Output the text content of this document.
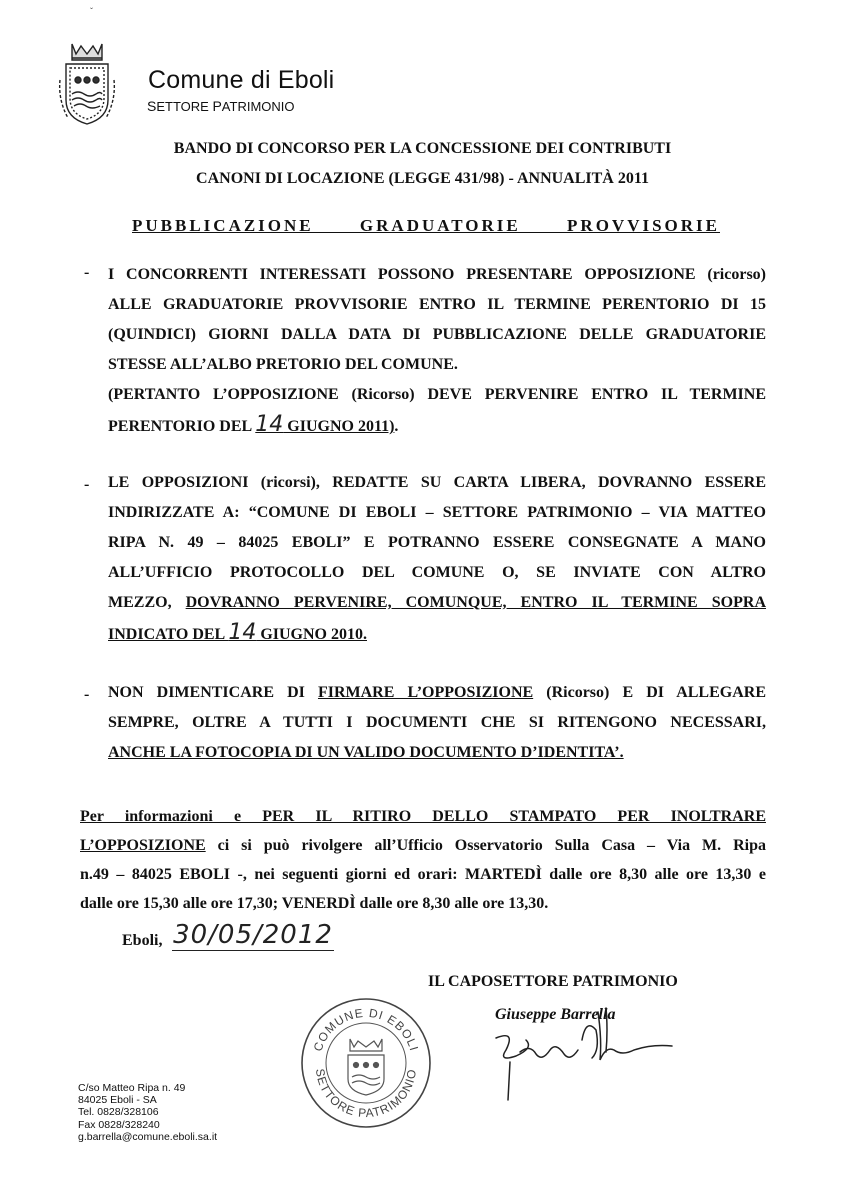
ˇ
Comune di Eboli
SETTORE PATRIMONIO
BANDO DI CONCORSO PER LA CONCESSIONE DEI CONTRIBUTI
CANONI DI LOCAZIONE (LEGGE 431/98) - ANNUALITÀ 2011
PUBBLICAZIONE GRADUATORIE PROVVISORIE
- I CONCORRENTI INTERESSATI POSSONO PRESENTARE OPPOSIZIONE (ricorso)
ALLE GRADUATORIE PROVVISORIE ENTRO IL TERMINE PERENTORIO DI 15
(QUINDICI) GIORNI DALLA DATA DI PUBBLICAZIONE DELLE GRADUATORIE
STESSE ALL’ALBO PRETORIO DEL COMUNE.
(PERTANTO L’OPPOSIZIONE (Ricorso) DEVE PERVENIRE ENTRO IL TERMINE
PERENTORIO DEL 14 GIUGNO 2011).
- LE OPPOSIZIONI (ricorsi), REDATTE SU CARTA LIBERA, DOVRANNO ESSERE
INDIRIZZATE A: “COMUNE DI EBOLI – SETTORE PATRIMONIO – VIA MATTEO
RIPA N. 49 – 84025 EBOLI” E POTRANNO ESSERE CONSEGNATE A MANO
ALL’UFFICIO PROTOCOLLO DEL COMUNE O, SE INVIATE CON ALTRO
MEZZO, DOVRANNO PERVENIRE, COMUNQUE, ENTRO IL TERMINE SOPRA
INDICATO DEL 14 GIUGNO 2010.
- NON DIMENTICARE DI FIRMARE L’OPPOSIZIONE (Ricorso) E DI ALLEGARE
SEMPRE, OLTRE A TUTTI I DOCUMENTI CHE SI RITENGONO NECESSARI,
ANCHE LA FOTOCOPIA DI UN VALIDO DOCUMENTO D’IDENTITA’.
Per informazioni e PER IL RITIRO DELLO STAMPATO PER INOLTRARE
L’OPPOSIZIONE ci si può rivolgere all’Ufficio Osservatorio Sulla Casa – Via M. Ripa
n.49 – 84025 EBOLI -, nei seguenti giorni ed orari: MARTEDÌ dalle ore 8,30 alle ore 13,30 e
dalle ore 15,30 alle ore 17,30; VENERDÌ dalle ore 8,30 alle ore 13,30.
Eboli, 30/05/2012
IL CAPOSETTORE PATRIMONIO
COMUNE DI EBOLI
SETTORE PATRIMONIO
Giuseppe Barrella
C/so Matteo Ripa n. 49
84025 Eboli - SA
Tel. 0828/328106
Fax 0828/328240
g.barrella@comune.eboli.sa.it
